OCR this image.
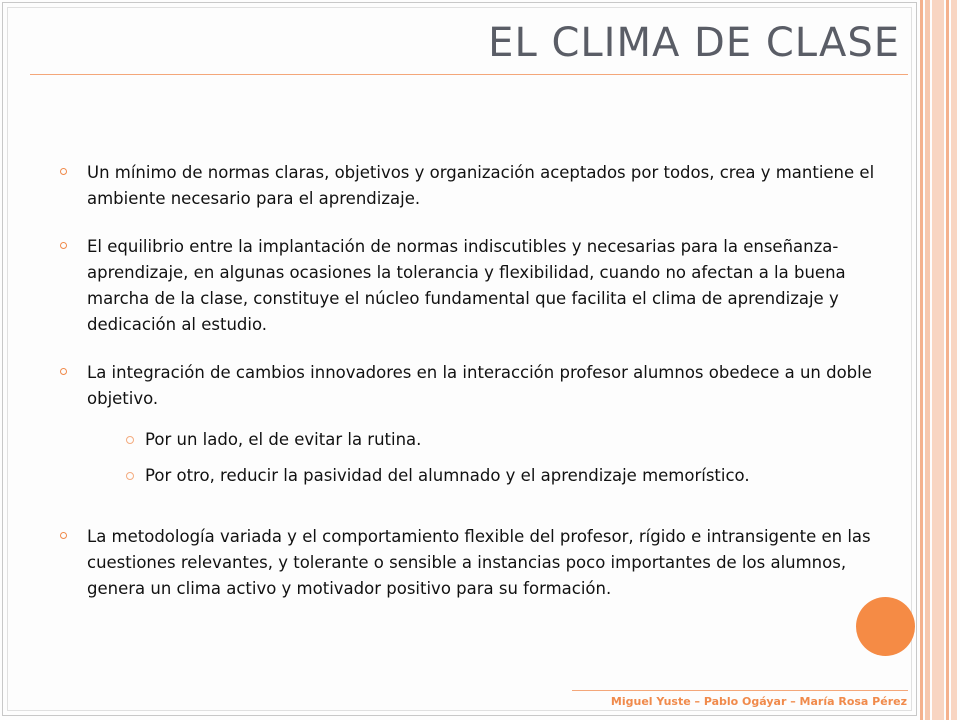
EL CLIMA DE CLASE
Un mínimo de normas claras, objetivos y organización aceptados por todos, crea y mantiene el ambiente necesario para el aprendizaje.
El equilibrio entre la implantación de normas indiscutibles y necesarias para la enseñanza-aprendizaje, en algunas ocasiones la tolerancia y flexibilidad, cuando no afectan a la buena marcha de la clase, constituye el núcleo fundamental que facilita el clima de aprendizaje y dedicación al estudio.
La integración de cambios innovadores en la interacción profesor alumnos obedece a un doble objetivo.
Por un lado, el de evitar la rutina.
Por otro, reducir la pasividad del alumnado y el aprendizaje memorístico.
La metodología variada y el comportamiento flexible del profesor, rígido e intransigente en las cuestiones relevantes, y tolerante o sensible a instancias poco importantes de los alumnos, genera un clima activo y motivador positivo para su formación.
Miguel Yuste – Pablo Ogáyar – María Rosa Pérez
